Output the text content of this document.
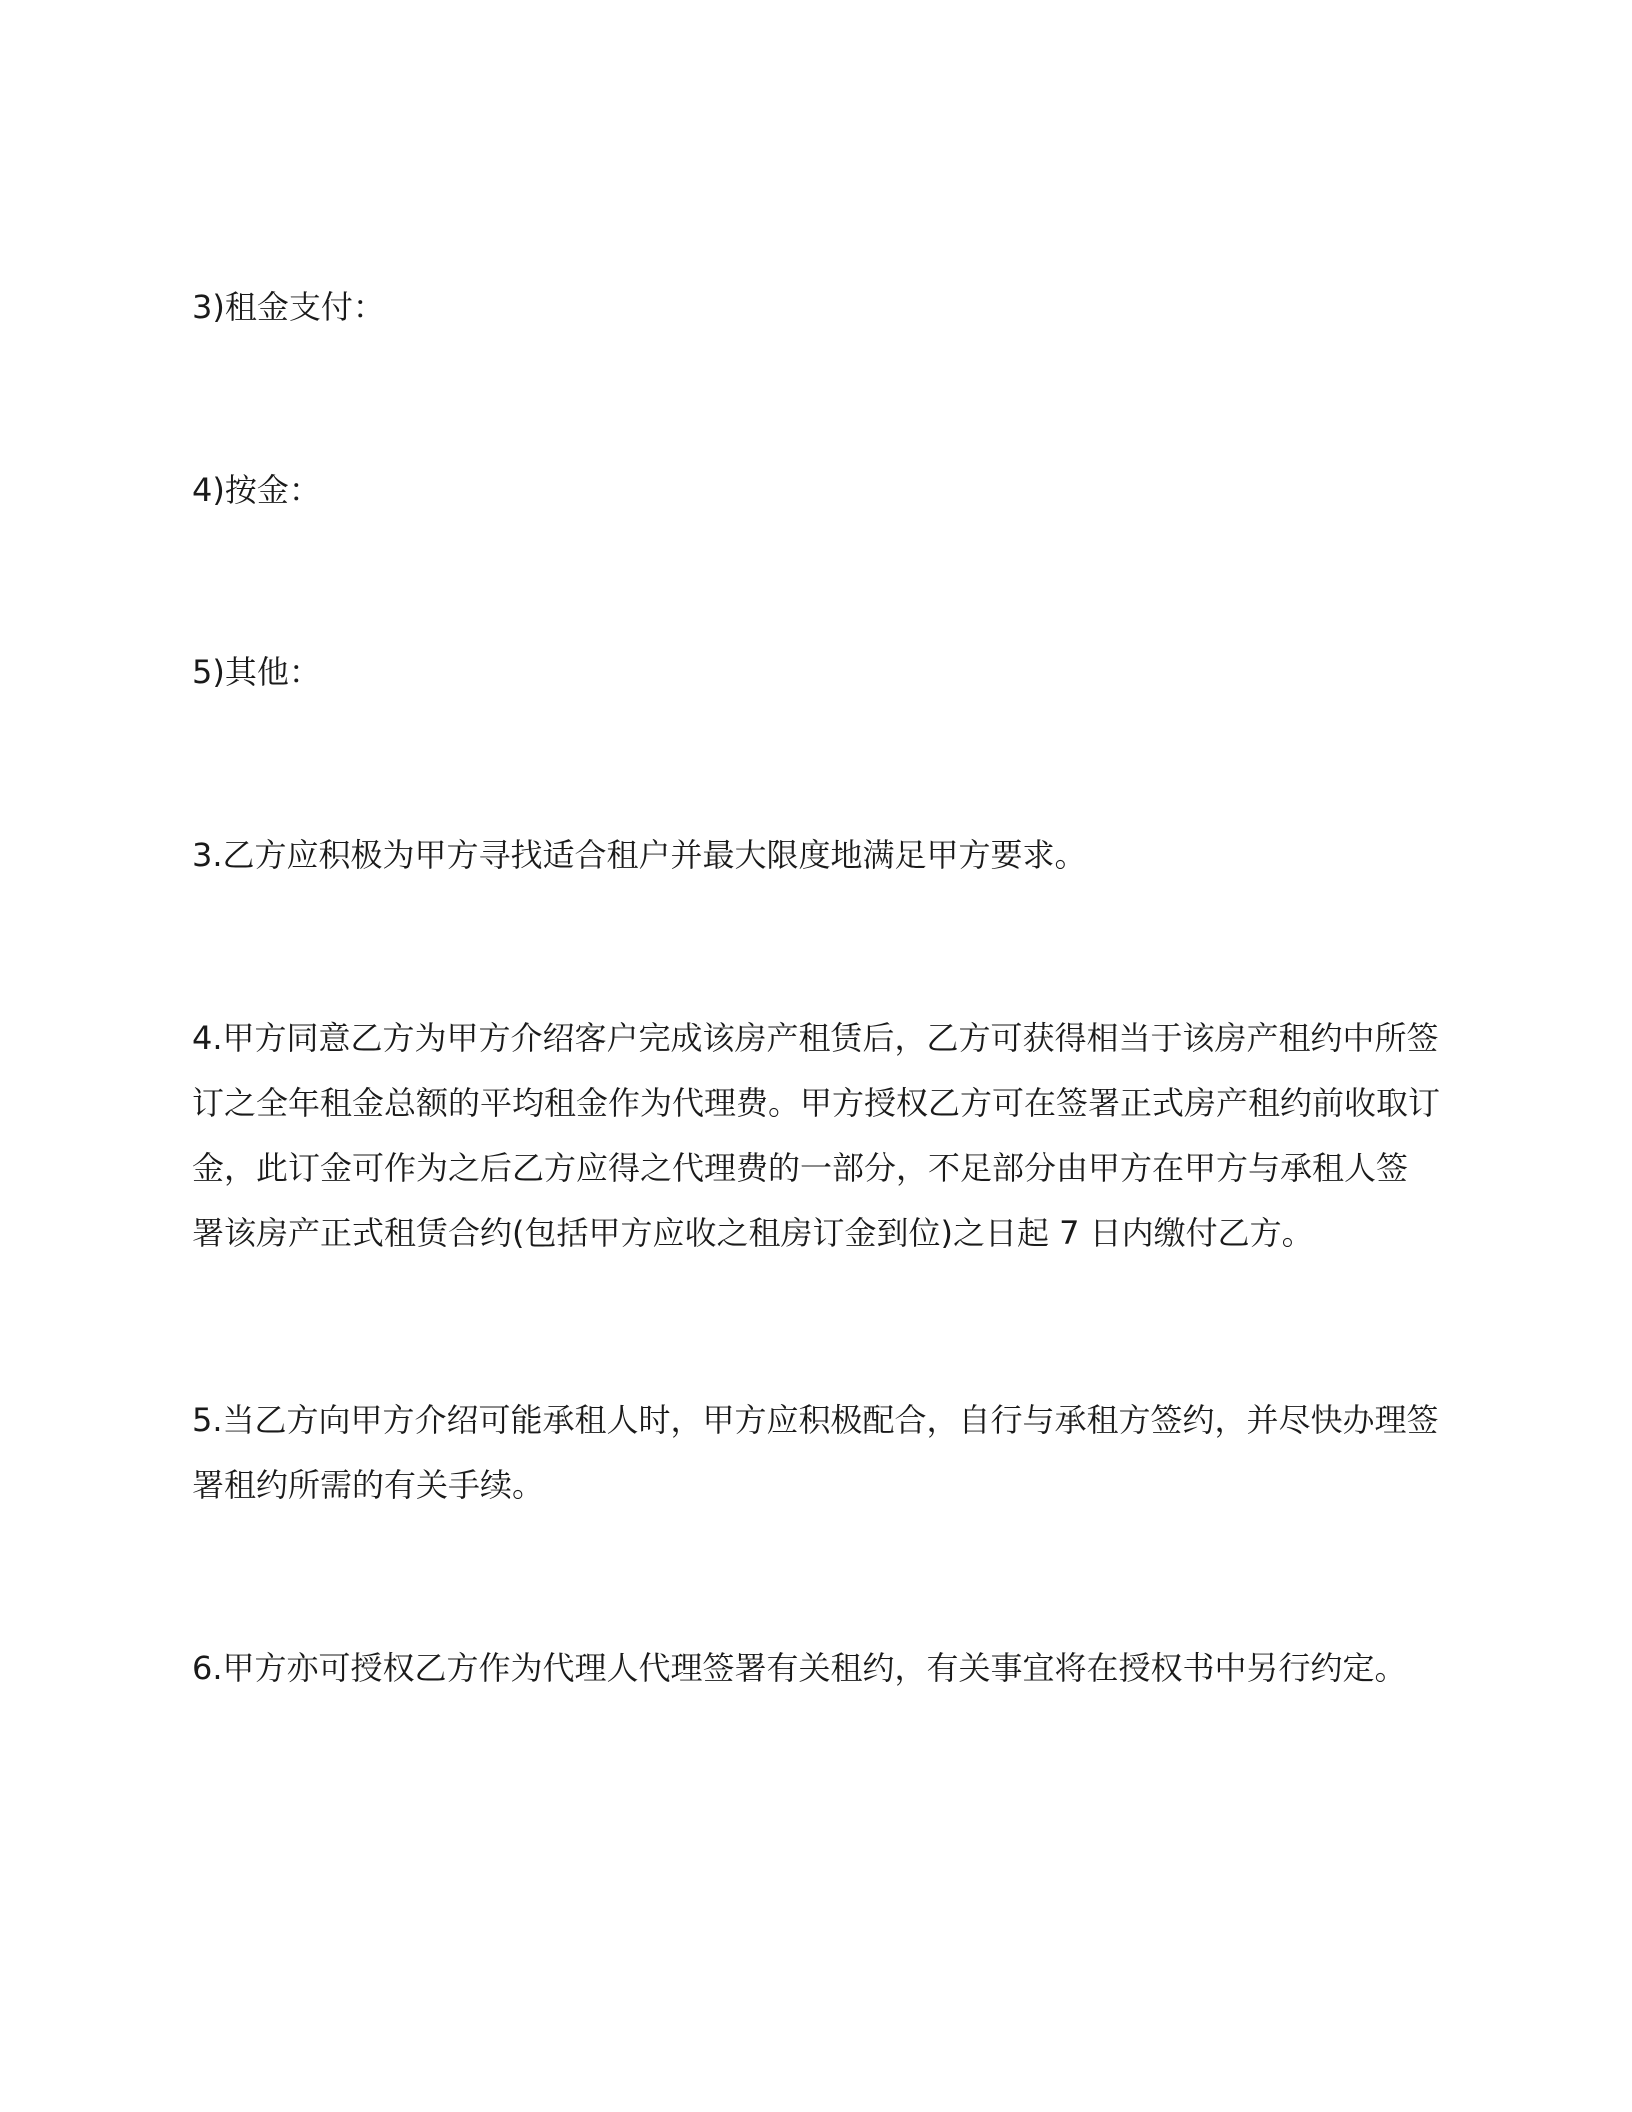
3)租金支付：

4)按金：

5)其他：

3.乙方应积极为甲方寻找适合租户并最大限度地满足甲方要求。

4.甲方同意乙方为甲方介绍客户完成该房产租赁后，乙方可获得相当于该房产租约中所签
订之全年租金总额的平均租金作为代理费。甲方授权乙方可在签署正式房产租约前收取订
金，此订金可作为之后乙方应得之代理费的一部分，不足部分由甲方在甲方与承租人签
署该房产正式租赁合约(包括甲方应收之租房订金到位)之日起 7 日内缴付乙方。

5.当乙方向甲方介绍可能承租人时，甲方应积极配合，自行与承租方签约，并尽快办理签
署租约所需的有关手续。

6.甲方亦可授权乙方作为代理人代理签署有关租约，有关事宜将在授权书中另行约定。
